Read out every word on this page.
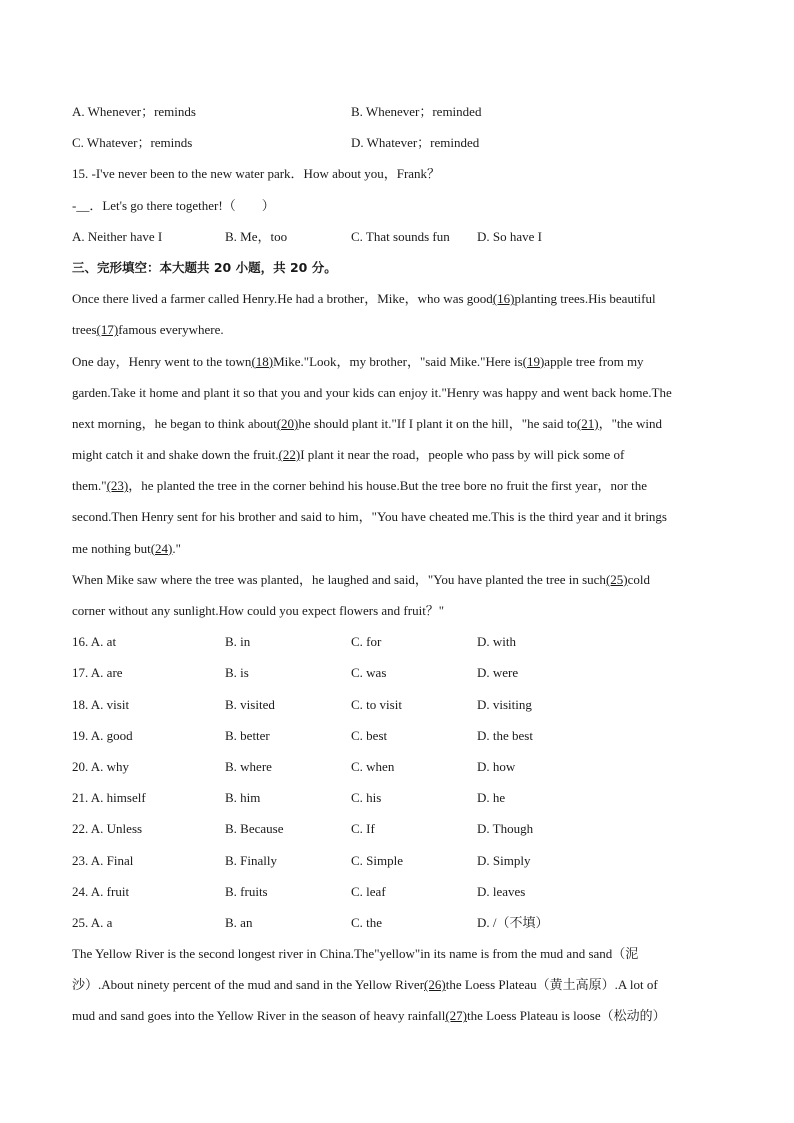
A. Whenever；reminds	B. Whenever；reminded
C. Whatever；reminds	D. Whatever；reminded
15. -I've never been to the new water park．How about you，Frank？
-__．Let's go there together!（　　）
A. Neither have I	B. Me，too	C. That sounds fun	D. So have I
三、完形填空：本大题共 20 小题，共 20 分。
Once there lived a farmer called Henry.He had a brother，Mike，who was good(16)planting trees.His beautiful
trees(17)famous everywhere.
One day，Henry went to the town(18)Mike."Look，my brother，"said Mike."Here is(19)apple tree from my
garden.Take it home and plant it so that you and your kids can enjoy it."Henry was happy and went back home.The
next morning，he began to think about(20)he should plant it."If I plant it on the hill，"he said to(21)，"the wind
might catch it and shake down the fruit.(22)I plant it near the road，people who pass by will pick some of
them."(23)，he planted the tree in the corner behind his house.But the tree bore no fruit the first year，nor the
second.Then Henry sent for his brother and said to him，"You have cheated me.This is the third year and it brings
me nothing but(24)."
When Mike saw where the tree was planted，he laughed and said，"You have planted the tree in such(25)cold
corner without any sunlight.How could you expect flowers and fruit？"
16. A. at	B. in	C. for	D. with
17. A. are	B. is	C. was	D. were
18. A. visit	B. visited	C. to visit	D. visiting
19. A. good	B. better	C. best	D. the best
20. A. why	B. where	C. when	D. how
21. A. himself	B. him	C. his	D. he
22. A. Unless	B. Because	C. If	D. Though
23. A. Final	B. Finally	C. Simple	D. Simply
24. A. fruit	B. fruits	C. leaf	D. leaves
25. A. a	B. an	C. the	D. /（不填）
The Yellow River is the second longest river in China.The"yellow"in its name is from the mud and sand（泥
沙）.About ninety percent of the mud and sand in the Yellow River(26)the Loess Plateau（黄土高原）.A lot of
mud and sand goes into the Yellow River in the season of heavy rainfall(27)the Loess Plateau is loose（松动的）
